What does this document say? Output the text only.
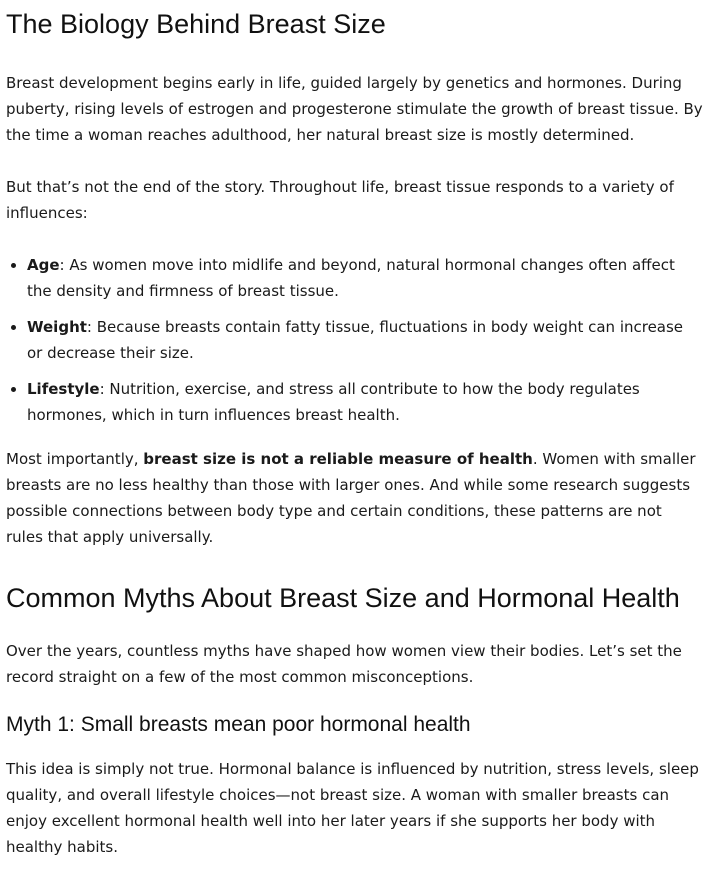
The Biology Behind Breast Size

Breast development begins early in life, guided largely by genetics and hormones. During puberty, rising levels of estrogen and progesterone stimulate the growth of breast tissue. By the time a woman reaches adulthood, her natural breast size is mostly determined.

But that’s not the end of the story. Throughout life, breast tissue responds to a variety of influences:

• Age: As women move into midlife and beyond, natural hormonal changes often affect the density and firmness of breast tissue.
• Weight: Because breasts contain fatty tissue, fluctuations in body weight can increase or decrease their size.
• Lifestyle: Nutrition, exercise, and stress all contribute to how the body regulates hormones, which in turn influences breast health.

Most importantly, breast size is not a reliable measure of health. Women with smaller breasts are no less healthy than those with larger ones. And while some research suggests possible connections between body type and certain conditions, these patterns are not rules that apply universally.

Common Myths About Breast Size and Hormonal Health

Over the years, countless myths have shaped how women view their bodies. Let’s set the record straight on a few of the most common misconceptions.

Myth 1: Small breasts mean poor hormonal health

This idea is simply not true. Hormonal balance is influenced by nutrition, stress levels, sleep quality, and overall lifestyle choices—not breast size. A woman with smaller breasts can enjoy excellent hormonal health well into her later years if she supports her body with healthy habits.
